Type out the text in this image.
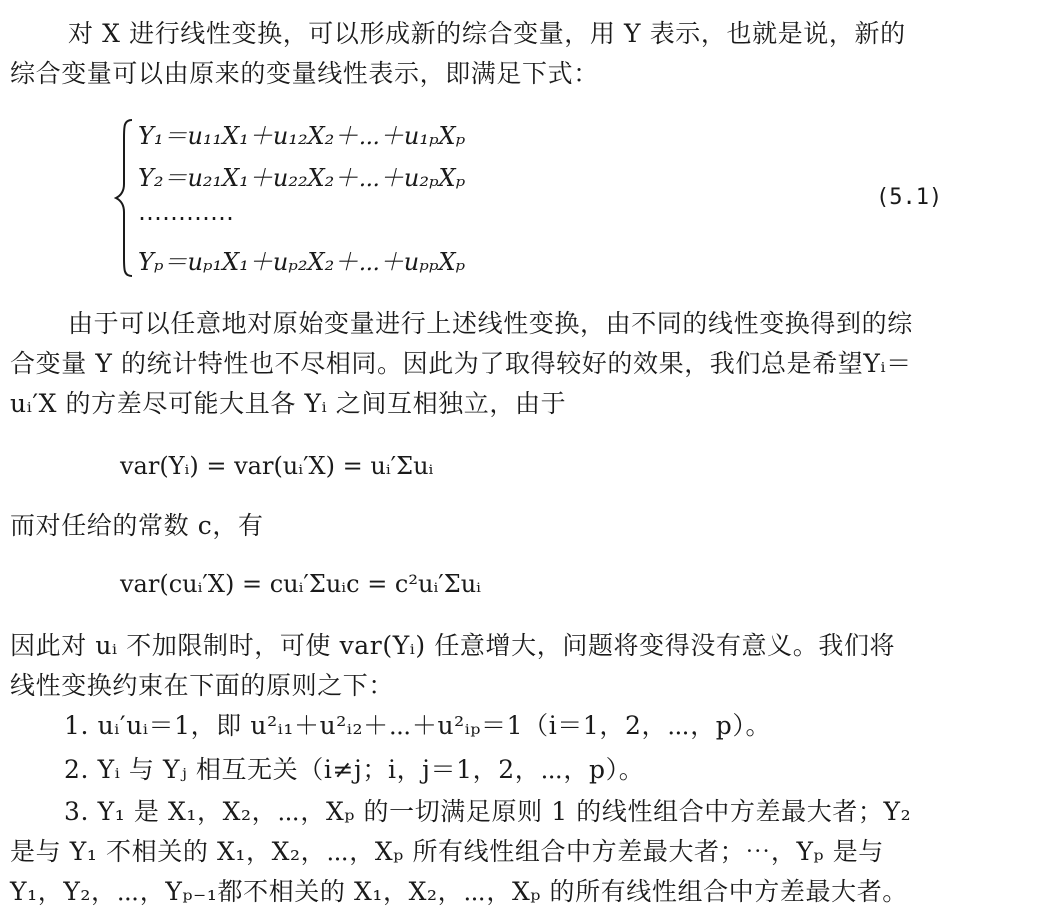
对 X 进行线性变换，可以形成新的综合变量，用 Y 表示，也就是说，新的
综合变量可以由原来的变量线性表示，即满足下式：
Y₁＝u₁₁X₁＋u₁₂X₂＋⋯＋u₁ₚXₚ
Y₂＝u₂₁X₁＋u₂₂X₂＋⋯＋u₂ₚXₚ
⋯⋯⋯⋯
Yₚ＝uₚ₁X₁＋uₚ₂X₂＋⋯＋uₚₚXₚ
(5.1)
由于可以任意地对原始变量进行上述线性变换，由不同的线性变换得到的综
合变量 Y 的统计特性也不尽相同。因此为了取得较好的效果，我们总是希望Yᵢ＝
uᵢ′X 的方差尽可能大且各 Yᵢ 之间互相独立，由于
var(Yᵢ) = var(uᵢ′X) = uᵢ′Σuᵢ
而对任给的常数 c，有
var(cuᵢ′X) = cuᵢ′Σuᵢc = c²uᵢ′Σuᵢ
因此对 uᵢ 不加限制时，可使 var(Yᵢ) 任意增大，问题将变得没有意义。我们将
线性变换约束在下面的原则之下：
1. uᵢ′uᵢ＝1，即 u²ᵢ₁＋u²ᵢ₂＋⋯＋u²ᵢₚ＝1（i＝1，2，⋯，p）。
2. Yᵢ 与 Yⱼ 相互无关（i≠j；i，j＝1，2，⋯，p）。
3. Y₁ 是 X₁，X₂，⋯，Xₚ 的一切满足原则 1 的线性组合中方差最大者；Y₂
是与 Y₁ 不相关的 X₁，X₂，⋯，Xₚ 所有线性组合中方差最大者；⋯，Yₚ 是与
Y₁，Y₂，⋯，Yₚ₋₁都不相关的 X₁，X₂，⋯，Xₚ 的所有线性组合中方差最大者。
